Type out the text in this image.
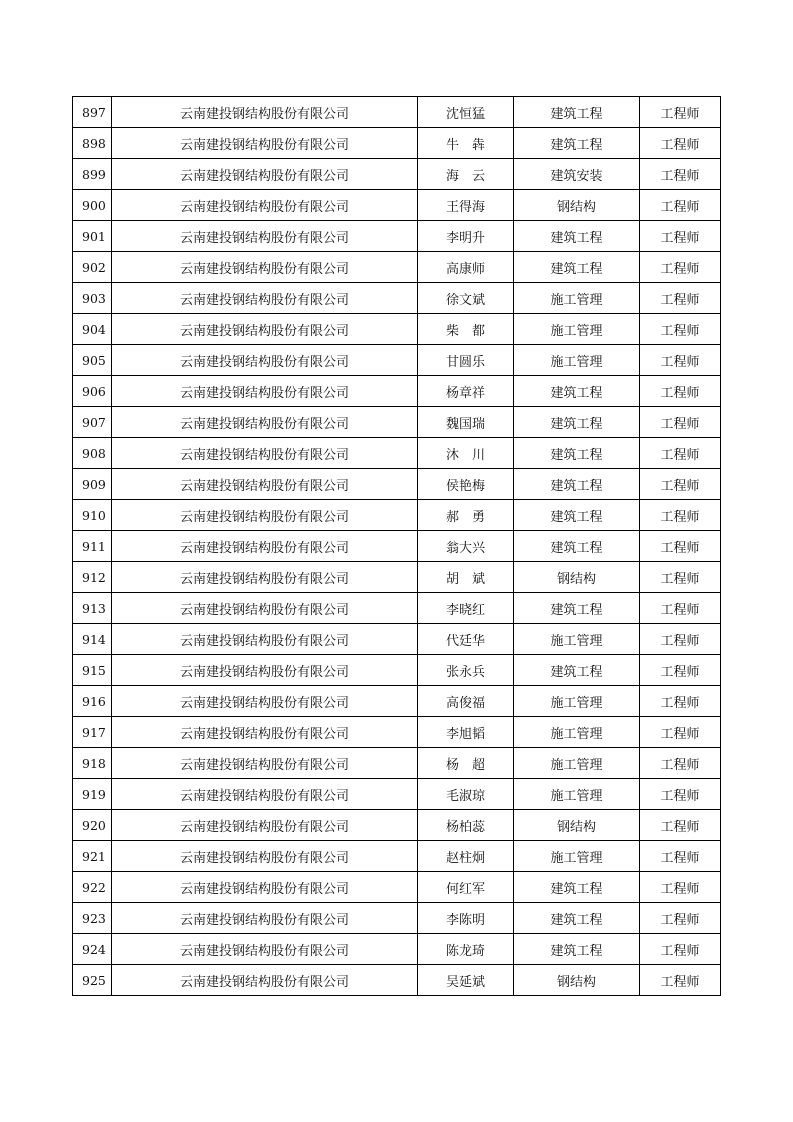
897	云南建投钢结构股份有限公司	沈恒猛	建筑工程	工程师
898	云南建投钢结构股份有限公司	牛　犇	建筑工程	工程师
899	云南建投钢结构股份有限公司	海　云	建筑安装	工程师
900	云南建投钢结构股份有限公司	王得海	钢结构	工程师
901	云南建投钢结构股份有限公司	李明升	建筑工程	工程师
902	云南建投钢结构股份有限公司	高康师	建筑工程	工程师
903	云南建投钢结构股份有限公司	徐文斌	施工管理	工程师
904	云南建投钢结构股份有限公司	柴　都	施工管理	工程师
905	云南建投钢结构股份有限公司	甘圆乐	施工管理	工程师
906	云南建投钢结构股份有限公司	杨章祥	建筑工程	工程师
907	云南建投钢结构股份有限公司	魏国瑞	建筑工程	工程师
908	云南建投钢结构股份有限公司	沐　川	建筑工程	工程师
909	云南建投钢结构股份有限公司	侯艳梅	建筑工程	工程师
910	云南建投钢结构股份有限公司	郝　勇	建筑工程	工程师
911	云南建投钢结构股份有限公司	翁大兴	建筑工程	工程师
912	云南建投钢结构股份有限公司	胡　斌	钢结构	工程师
913	云南建投钢结构股份有限公司	李晓红	建筑工程	工程师
914	云南建投钢结构股份有限公司	代廷华	施工管理	工程师
915	云南建投钢结构股份有限公司	张永兵	建筑工程	工程师
916	云南建投钢结构股份有限公司	高俊福	施工管理	工程师
917	云南建投钢结构股份有限公司	李旭韬	施工管理	工程师
918	云南建投钢结构股份有限公司	杨　超	施工管理	工程师
919	云南建投钢结构股份有限公司	毛淑琼	施工管理	工程师
920	云南建投钢结构股份有限公司	杨柏蕊	钢结构	工程师
921	云南建投钢结构股份有限公司	赵柱炯	施工管理	工程师
922	云南建投钢结构股份有限公司	何红军	建筑工程	工程师
923	云南建投钢结构股份有限公司	李陈明	建筑工程	工程师
924	云南建投钢结构股份有限公司	陈龙琦	建筑工程	工程师
925	云南建投钢结构股份有限公司	吴延斌	钢结构	工程师
